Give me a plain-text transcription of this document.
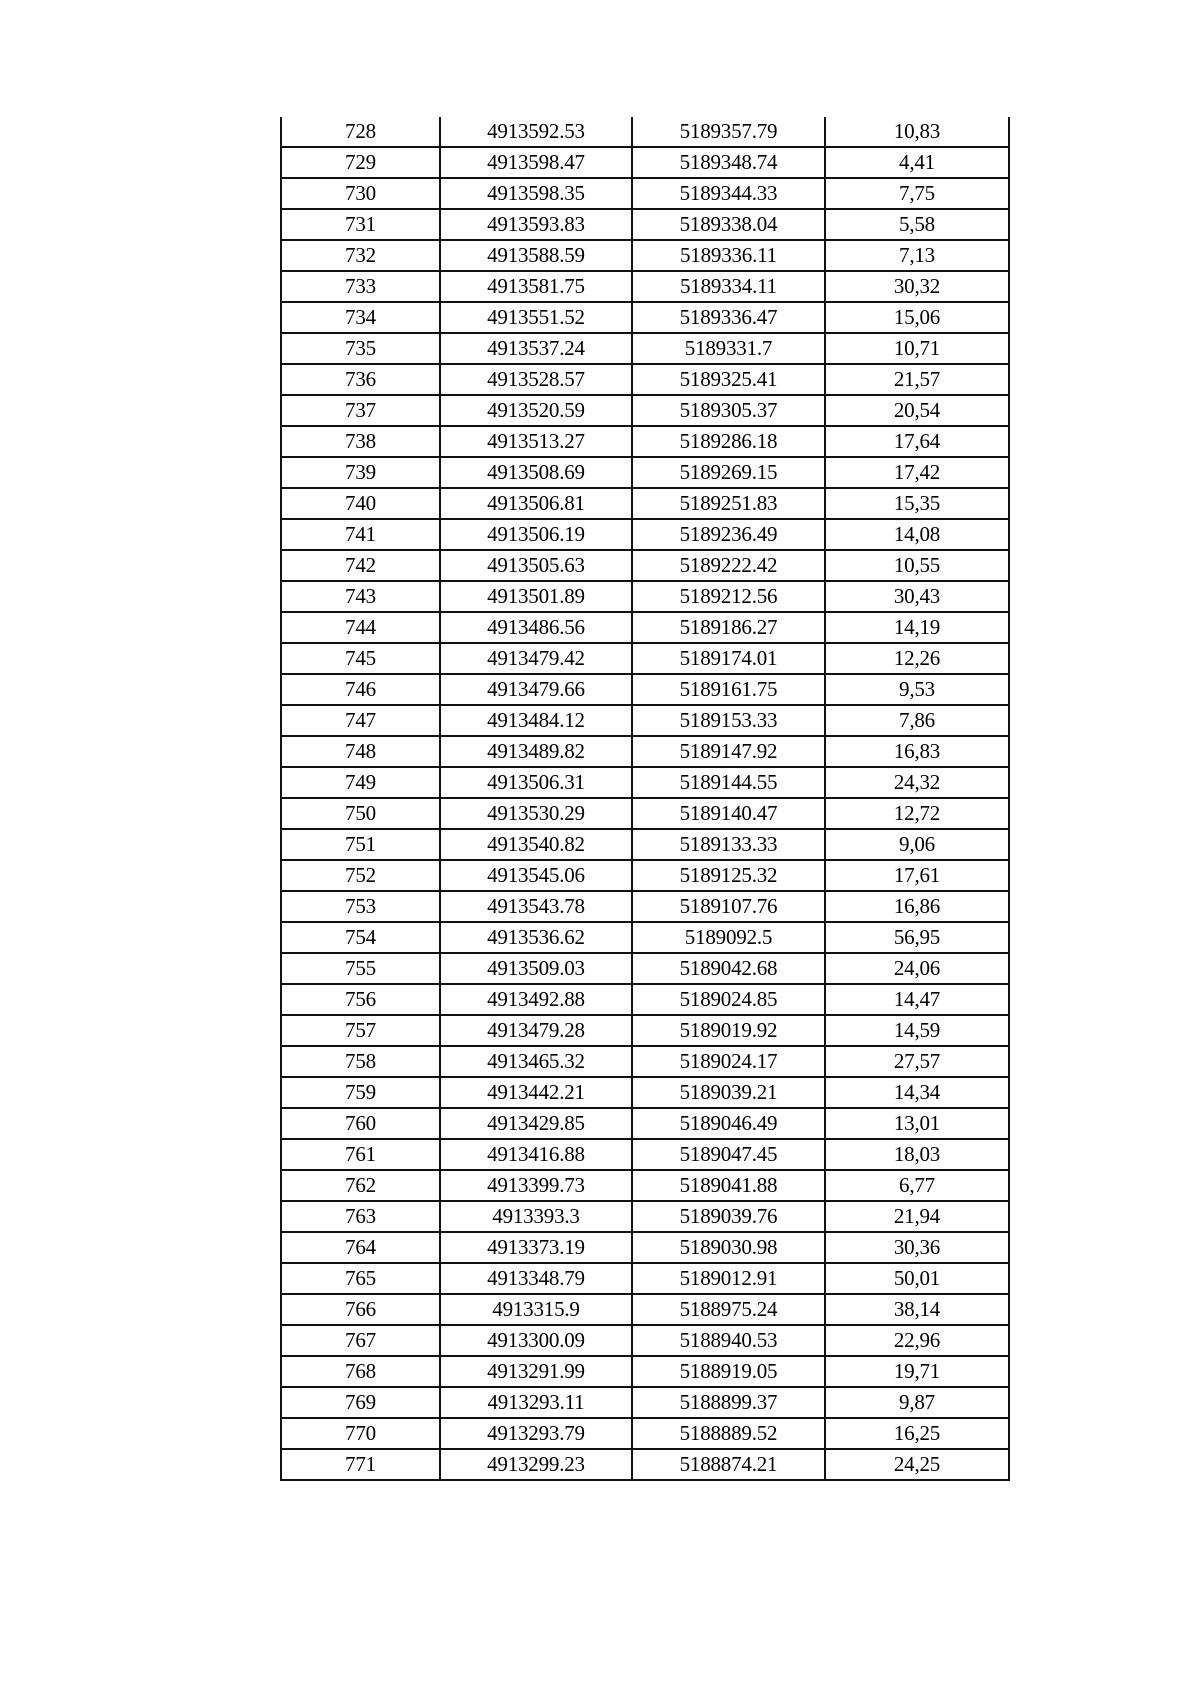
728	4913592.53	5189357.79	10,83
729	4913598.47	5189348.74	4,41
730	4913598.35	5189344.33	7,75
731	4913593.83	5189338.04	5,58
732	4913588.59	5189336.11	7,13
733	4913581.75	5189334.11	30,32
734	4913551.52	5189336.47	15,06
735	4913537.24	5189331.7	10,71
736	4913528.57	5189325.41	21,57
737	4913520.59	5189305.37	20,54
738	4913513.27	5189286.18	17,64
739	4913508.69	5189269.15	17,42
740	4913506.81	5189251.83	15,35
741	4913506.19	5189236.49	14,08
742	4913505.63	5189222.42	10,55
743	4913501.89	5189212.56	30,43
744	4913486.56	5189186.27	14,19
745	4913479.42	5189174.01	12,26
746	4913479.66	5189161.75	9,53
747	4913484.12	5189153.33	7,86
748	4913489.82	5189147.92	16,83
749	4913506.31	5189144.55	24,32
750	4913530.29	5189140.47	12,72
751	4913540.82	5189133.33	9,06
752	4913545.06	5189125.32	17,61
753	4913543.78	5189107.76	16,86
754	4913536.62	5189092.5	56,95
755	4913509.03	5189042.68	24,06
756	4913492.88	5189024.85	14,47
757	4913479.28	5189019.92	14,59
758	4913465.32	5189024.17	27,57
759	4913442.21	5189039.21	14,34
760	4913429.85	5189046.49	13,01
761	4913416.88	5189047.45	18,03
762	4913399.73	5189041.88	6,77
763	4913393.3	5189039.76	21,94
764	4913373.19	5189030.98	30,36
765	4913348.79	5189012.91	50,01
766	4913315.9	5188975.24	38,14
767	4913300.09	5188940.53	22,96
768	4913291.99	5188919.05	19,71
769	4913293.11	5188899.37	9,87
770	4913293.79	5188889.52	16,25
771	4913299.23	5188874.21	24,25
